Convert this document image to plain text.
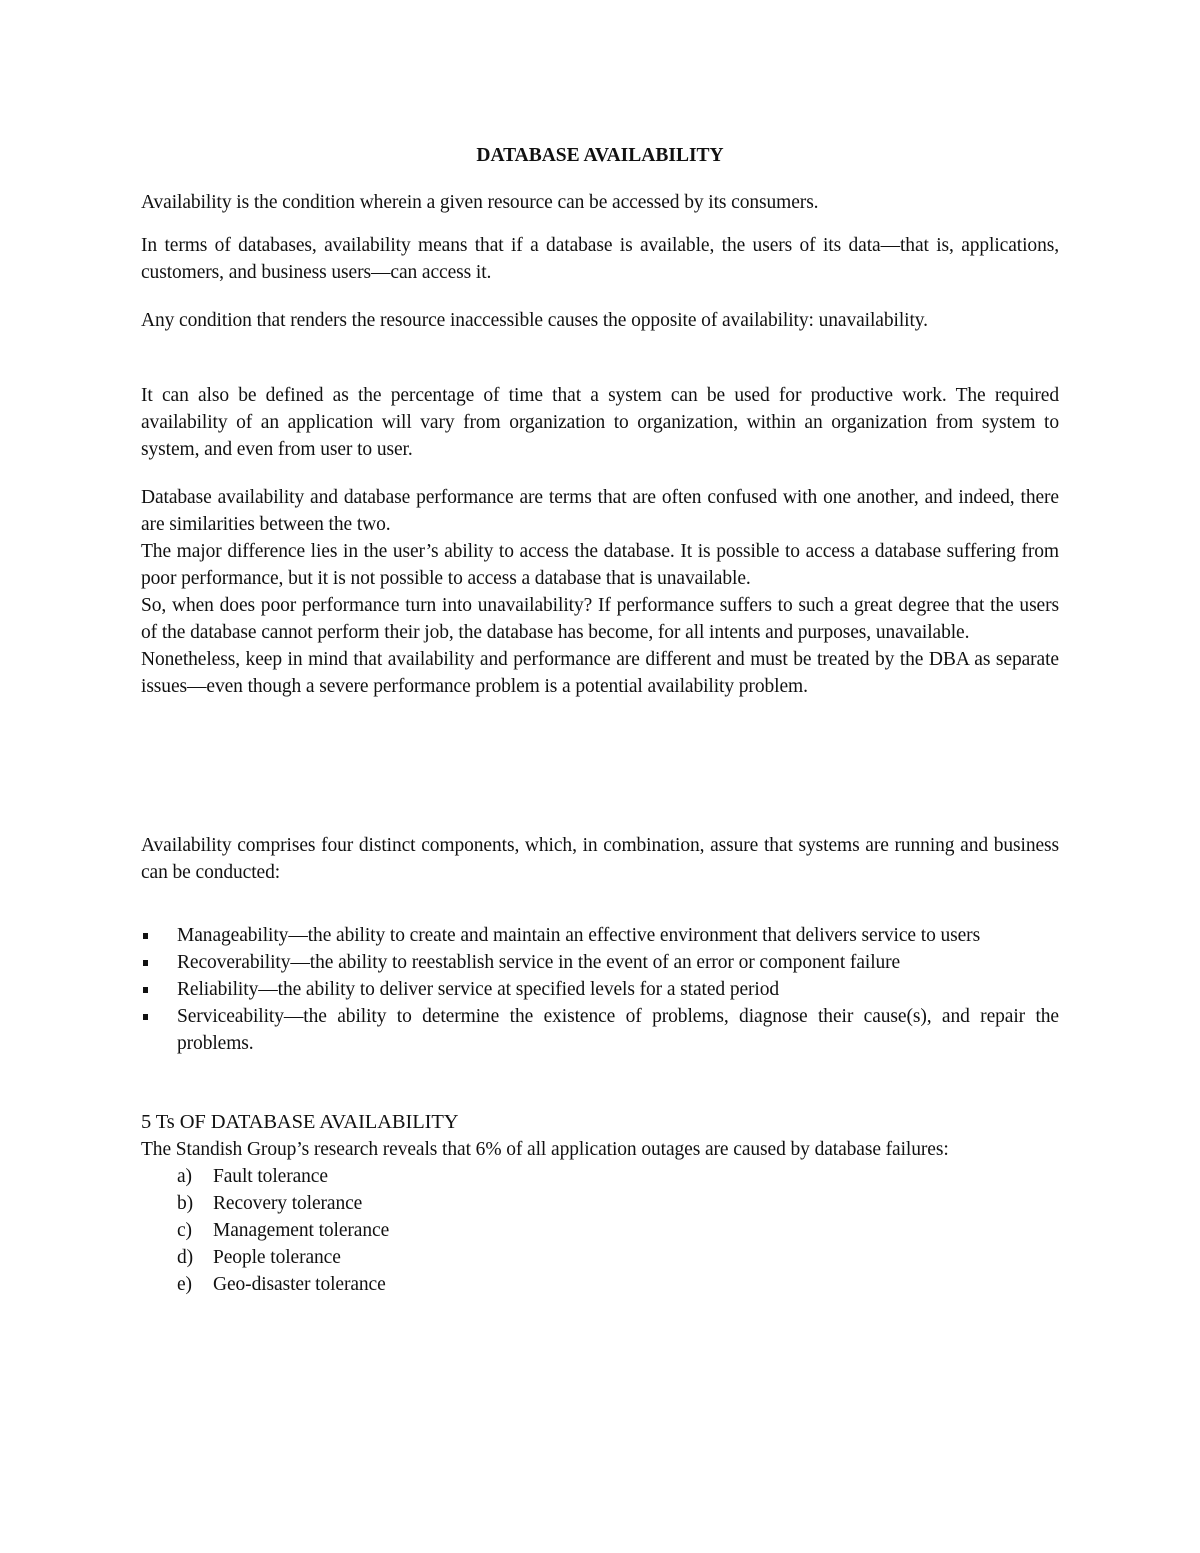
DATABASE AVAILABILITY

Availability is the condition wherein a given resource can be accessed by its consumers.

In terms of databases, availability means that if a database is available, the users of its data—that is, applications, customers, and business users—can access it.

Any condition that renders the resource inaccessible causes the opposite of availability: unavailability.

It can also be defined as the percentage of time that a system can be used for productive work. The required availability of an application will vary from organization to organization, within an organization from system to system, and even from user to user.

Database availability and database performance are terms that are often confused with one another, and indeed, there are similarities between the two.

The major difference lies in the user’s ability to access the database. It is possible to access a database suffering from poor performance, but it is not possible to access a database that is unavailable.

So, when does poor performance turn into unavailability? If performance suffers to such a great degree that the users of the database cannot perform their job, the database has become, for all intents and purposes, unavailable.

Nonetheless, keep in mind that availability and performance are different and must be treated by the DBA as separate issues—even though a severe performance problem is a potential availability problem.

Availability comprises four distinct components, which, in combination, assure that systems are running and business can be conducted:

Manageability—the ability to create and maintain an effective environment that delivers service to users
Recoverability—the ability to reestablish service in the event of an error or component failure
Reliability—the ability to deliver service at specified levels for a stated period
Serviceability—the ability to determine the existence of problems, diagnose their cause(s), and repair the problems.

5 Ts OF DATABASE AVAILABILITY

The Standish Group’s research reveals that 6% of all application outages are caused by database failures:

a) Fault tolerance
b) Recovery tolerance
c) Management tolerance
d) People tolerance
e) Geo-disaster tolerance
